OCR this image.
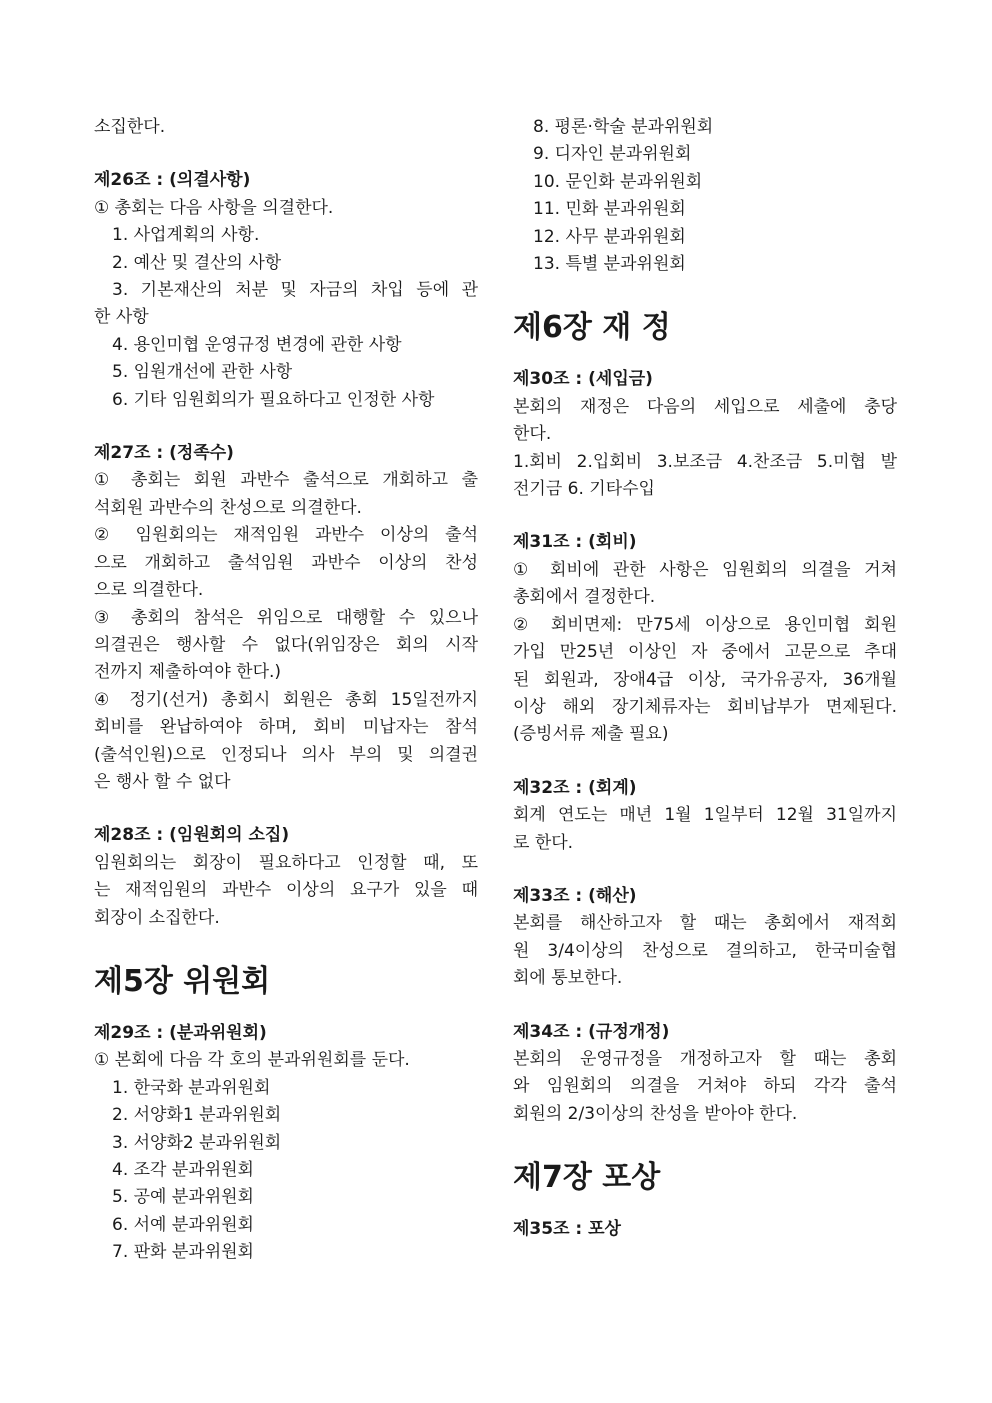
소집한다.
제26조 : (의결사항)
① 총회는 다음 사항을 의결한다.
1. 사업계획의 사항.
2. 예산 및 결산의 사항
3. 기본재산의 처분 및 자금의 차입 등에 관
한 사항
4. 용인미협 운영규정 변경에 관한 사항
5. 임원개선에 관한 사항
6. 기타 임원회의가 필요하다고 인정한 사항
제27조 : (정족수)
① 총회는 회원 과반수 출석으로 개회하고 출
석회원 과반수의 찬성으로 의결한다.
② 임원회의는 재적임원 과반수 이상의 출석
으로 개회하고 출석임원 과반수 이상의 찬성
으로 의결한다.
③ 총회의 참석은 위임으로 대행할 수 있으나
의결권은 행사할 수 없다(위임장은 회의 시작
전까지 제출하여야 한다.)
④ 정기(선거) 총회시 회원은 총회 15일전까지
회비를 완납하여야 하며, 회비 미납자는 참석
(출석인원)으로 인정되나 의사 부의 및 의결권
은 행사 할 수 없다
제28조 : (임원회의 소집)
임원회의는 회장이 필요하다고 인정할 때, 또
는 재적임원의 과반수 이상의 요구가 있을 때
회장이 소집한다.
제5장 위원회
제29조 : (분과위원회)
① 본회에 다음 각 호의 분과위원회를 둔다.
1. 한국화 분과위원회
2. 서양화1 분과위원회
3. 서양화2 분과위원회
4. 조각 분과위원회
5. 공예 분과위원회
6. 서예 분과위원회
7. 판화 분과위원회
8. 평론·학술 분과위원회
9. 디자인 분과위원회
10. 문인화 분과위원회
11. 민화 분과위원회
12. 사무 분과위원회
13. 특별 분과위원회
제6장 재 정
제30조 : (세입금)
본회의 재정은 다음의 세입으로 세출에 충당
한다.
1.회비 2.입회비 3.보조금 4.찬조금 5.미협 발
전기금 6. 기타수입
제31조 : (회비)
① 회비에 관한 사항은 임원회의 의결을 거쳐
총회에서 결정한다.
② 회비면제: 만75세 이상으로 용인미협 회원
가입 만25년 이상인 자 중에서 고문으로 추대
된 회원과, 장애4급 이상, 국가유공자, 36개월
이상 해외 장기체류자는 회비납부가 면제된다.
(증빙서류 제출 필요)
제32조 : (회계)
회계 연도는 매년 1월 1일부터 12월 31일까지
로 한다.
제33조 : (해산)
본회를 해산하고자 할 때는 총회에서 재적회
원 3/4이상의 찬성으로 결의하고, 한국미술협
회에 통보한다.
제34조 : (규정개정)
본회의 운영규정을 개정하고자 할 때는 총회
와 임원회의 의결을 거쳐야 하되 각각 출석
회원의 2/3이상의 찬성을 받아야 한다.
제7장 포상
제35조 : 포상
